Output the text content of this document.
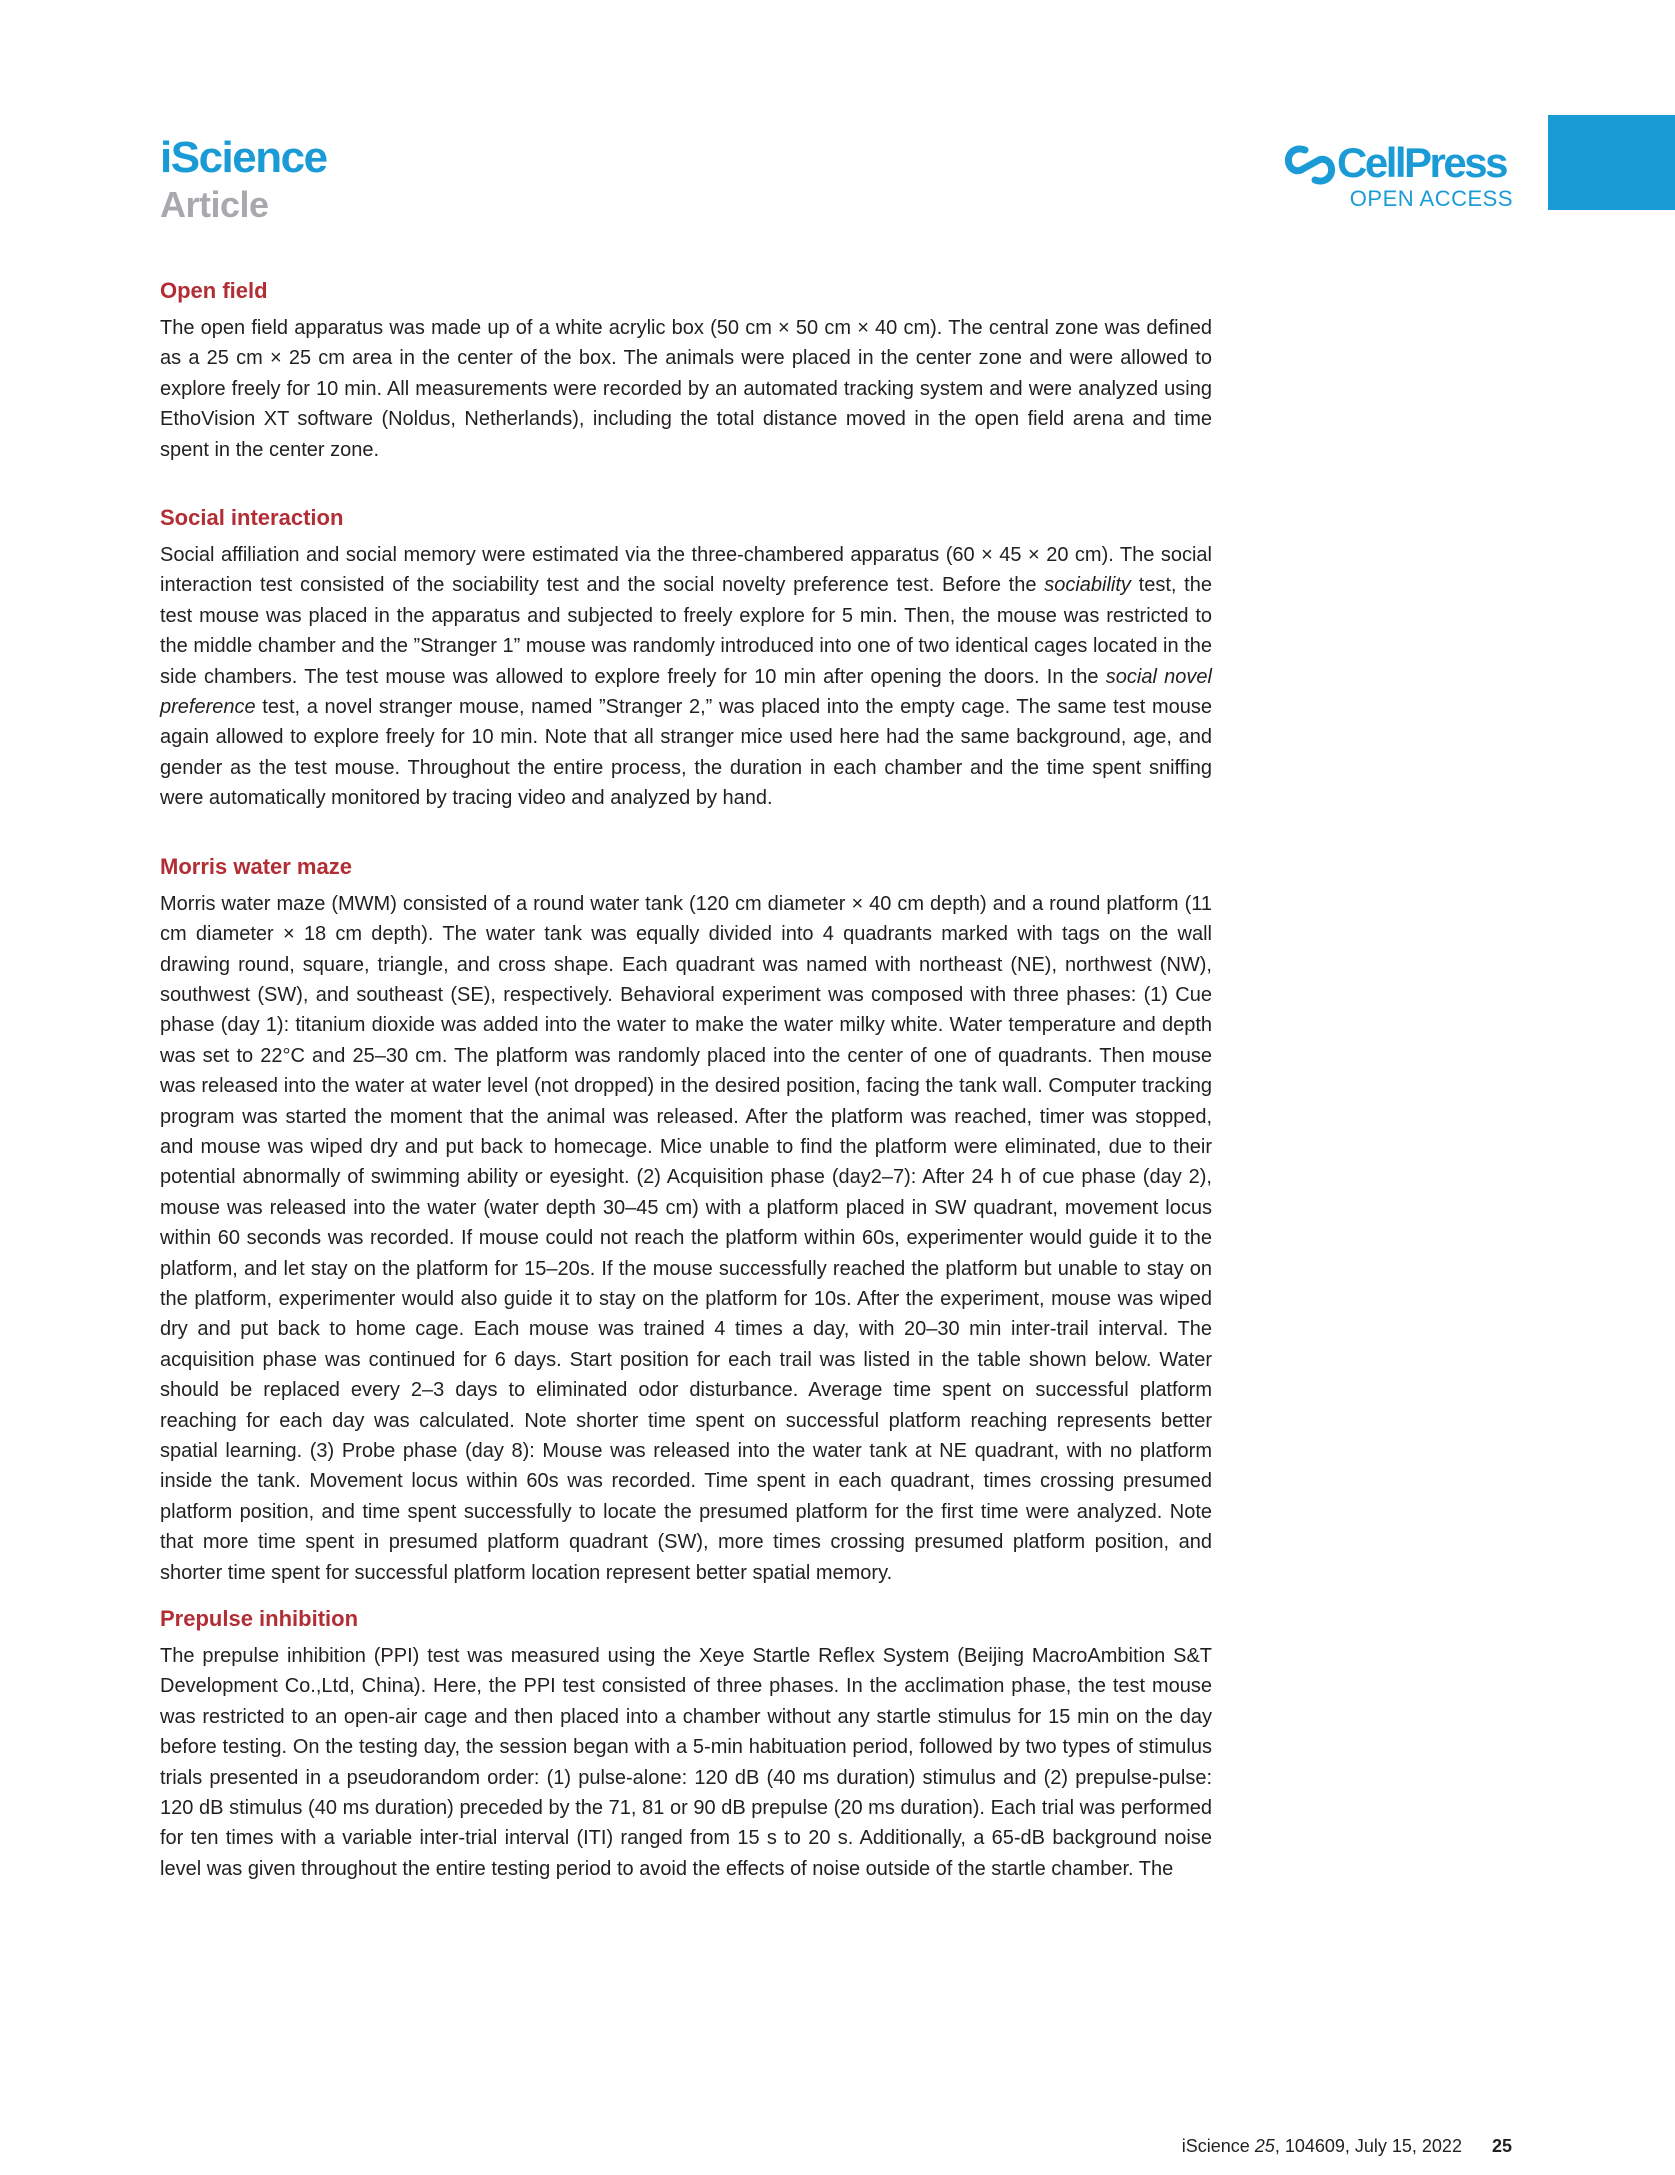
iScience
Article
CellPress
OPEN ACCESS
Open field

The open field apparatus was made up of a white acrylic box (50 cm × 50 cm × 40 cm). The central zone was defined as a 25 cm × 25 cm area in the center of the box. The animals were placed in the center zone and were allowed to explore freely for 10 min. All measurements were recorded by an automated tracking system and were analyzed using EthoVision XT software (Noldus, Netherlands), including the total distance moved in the open field arena and time spent in the center zone.

Social interaction

Social affiliation and social memory were estimated via the three-chambered apparatus (60 × 45 × 20 cm). The social interaction test consisted of the sociability test and the social novelty preference test. Before the sociability test, the test mouse was placed in the apparatus and subjected to freely explore for 5 min. Then, the mouse was restricted to the middle chamber and the ”Stranger 1” mouse was randomly introduced into one of two identical cages located in the side chambers. The test mouse was allowed to explore freely for 10 min after opening the doors. In the social novel preference test, a novel stranger mouse, named ”Stranger 2,” was placed into the empty cage. The same test mouse again allowed to explore freely for 10 min. Note that all stranger mice used here had the same background, age, and gender as the test mouse. Throughout the entire process, the duration in each chamber and the time spent sniffing were automatically monitored by tracing video and analyzed by hand.

Morris water maze

Morris water maze (MWM) consisted of a round water tank (120 cm diameter × 40 cm depth) and a round platform (11 cm diameter × 18 cm depth). The water tank was equally divided into 4 quadrants marked with tags on the wall drawing round, square, triangle, and cross shape. Each quadrant was named with northeast (NE), northwest (NW), southwest (SW), and southeast (SE), respectively. Behavioral experiment was composed with three phases: (1) Cue phase (day 1): titanium dioxide was added into the water to make the water milky white. Water temperature and depth was set to 22°C and 25–30 cm. The platform was randomly placed into the center of one of quadrants. Then mouse was released into the water at water level (not dropped) in the desired position, facing the tank wall. Computer tracking program was started the moment that the animal was released. After the platform was reached, timer was stopped, and mouse was wiped dry and put back to homecage. Mice unable to find the platform were eliminated, due to their potential abnormally of swimming ability or eyesight. (2) Acquisition phase (day2–7): After 24 h of cue phase (day 2), mouse was released into the water (water depth 30–45 cm) with a platform placed in SW quadrant, movement locus within 60 seconds was recorded. If mouse could not reach the platform within 60s, experimenter would guide it to the platform, and let stay on the platform for 15–20s. If the mouse successfully reached the platform but unable to stay on the platform, experimenter would also guide it to stay on the platform for 10s. After the experiment, mouse was wiped dry and put back to home cage. Each mouse was trained 4 times a day, with 20–30 min inter-trail interval. The acquisition phase was continued for 6 days. Start position for each trail was listed in the table shown below. Water should be replaced every 2–3 days to eliminated odor disturbance. Average time spent on successful platform reaching for each day was calculated. Note shorter time spent on successful platform reaching represents better spatial learning. (3) Probe phase (day 8): Mouse was released into the water tank at NE quadrant, with no platform inside the tank. Movement locus within 60s was recorded. Time spent in each quadrant, times crossing presumed platform position, and time spent successfully to locate the presumed platform for the first time were analyzed. Note that more time spent in presumed platform quadrant (SW), more times crossing presumed platform position, and shorter time spent for successful platform location represent better spatial memory.

Prepulse inhibition

The prepulse inhibition (PPI) test was measured using the Xeye Startle Reflex System (Beijing MacroAmbition S&T Development Co.,Ltd, China). Here, the PPI test consisted of three phases. In the acclimation phase, the test mouse was restricted to an open-air cage and then placed into a chamber without any startle stimulus for 15 min on the day before testing. On the testing day, the session began with a 5-min habituation period, followed by two types of stimulus trials presented in a pseudorandom order: (1) pulse-alone: 120 dB (40 ms duration) stimulus and (2) prepulse-pulse: 120 dB stimulus (40 ms duration) preceded by the 71, 81 or 90 dB prepulse (20 ms duration). Each trial was performed for ten times with a variable inter-trial interval (ITI) ranged from 15 s to 20 s. Additionally, a 65-dB background noise level was given throughout the entire testing period to avoid the effects of noise outside of the startle chamber. The

iScience 25, 104609, July 15, 2022 25
